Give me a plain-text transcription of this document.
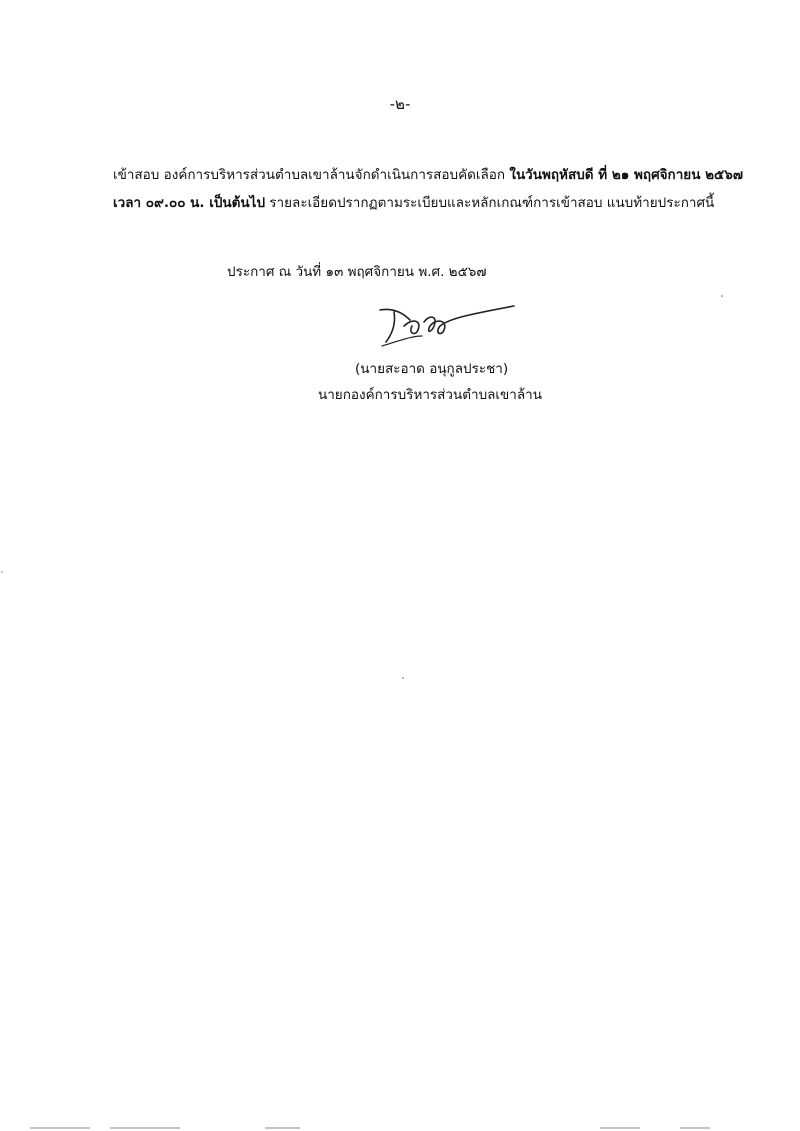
-๒-
เข้าสอบ องค์การบริหารส่วนตำบลเขาล้านจักดำเนินการสอบคัดเลือก ในวันพฤหัสบดี ที่ ๒๑ พฤศจิกายน ๒๕๖๗
เวลา ๐๙.๐๐ น. เป็นต้นไป รายละเอียดปรากฏตามระเบียบและหลักเกณฑ์การเข้าสอบ แนบท้ายประกาศนี้
ประกาศ ณ วันที่ ๑๓ พฤศจิกายน พ.ศ. ๒๕๖๗
(นายสะอาด อนุกูลประชา)
นายกองค์การบริหารส่วนตำบลเขาล้าน
